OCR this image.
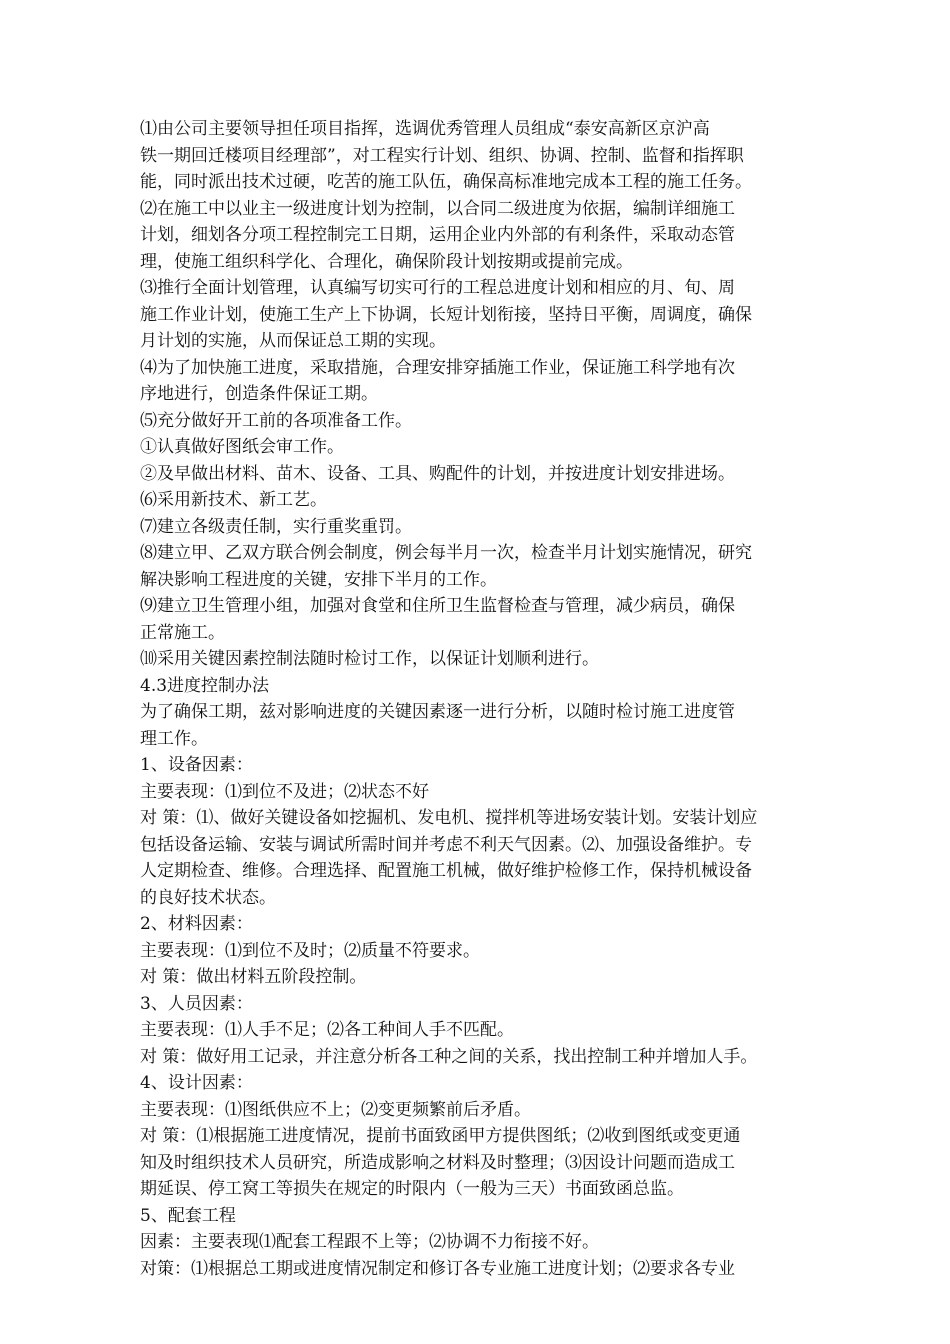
⑴由公司主要领导担任项目指挥，选调优秀管理人员组成“泰安高新区京沪高

铁一期回迁楼项目经理部”，对工程实行计划、组织、协调、控制、监督和指挥职

能，同时派出技术过硬，吃苦的施工队伍，确保高标准地完成本工程的施工任务。

⑵在施工中以业主一级进度计划为控制，以合同二级进度为依据，编制详细施工

计划，细划各分项工程控制完工日期，运用企业内外部的有利条件，采取动态管

理，使施工组织科学化、合理化，确保阶段计划按期或提前完成。

⑶推行全面计划管理，认真编写切实可行的工程总进度计划和相应的月、旬、周

施工作业计划，使施工生产上下协调，长短计划衔接，坚持日平衡，周调度，确保

月计划的实施，从而保证总工期的实现。

⑷为了加快施工进度，采取措施，合理安排穿插施工作业，保证施工科学地有次

序地进行，创造条件保证工期。

⑸充分做好开工前的各项准备工作。

①认真做好图纸会审工作。

②及早做出材料、苗木、设备、工具、购配件的计划，并按进度计划安排进场。

⑹采用新技术、新工艺。

⑺建立各级责任制，实行重奖重罚。

⑻建立甲、乙双方联合例会制度，例会每半月一次，检查半月计划实施情况，研究

解决影响工程进度的关键，安排下半月的工作。

⑼建立卫生管理小组，加强对食堂和住所卫生监督检查与管理，减少病员，确保

正常施工。

⑽采用关键因素控制法随时检讨工作，以保证计划顺利进行。

4.3进度控制办法

为了确保工期，兹对影响进度的关键因素逐一进行分析，以随时检讨施工进度管

理工作。

1、设备因素：

主要表现：⑴到位不及进；⑵状态不好

对 策：⑴、做好关键设备如挖掘机、发电机、搅拌机等进场安装计划。安装计划应

包括设备运输、安装与调试所需时间并考虑不利天气因素。⑵、加强设备维护。专

人定期检查、维修。合理选择、配置施工机械，做好维护检修工作，保持机械设备

的良好技术状态。

2、材料因素：

主要表现：⑴到位不及时；⑵质量不符要求。

对 策：做出材料五阶段控制。

3、人员因素：

主要表现：⑴人手不足；⑵各工种间人手不匹配。

对 策：做好用工记录，并注意分析各工种之间的关系，找出控制工种并增加人手。

4、设计因素：

主要表现：⑴图纸供应不上；⑵变更频繁前后矛盾。

对 策：⑴根据施工进度情况，提前书面致函甲方提供图纸；⑵收到图纸或变更通

知及时组织技术人员研究，所造成影响之材料及时整理；⑶因设计问题而造成工

期延误、停工窝工等损失在规定的时限内（一般为三天）书面致函总监。

5、配套工程

因素：主要表现⑴配套工程跟不上等；⑵协调不力衔接不好。

对策：⑴根据总工期或进度情况制定和修订各专业施工进度计划；⑵要求各专业
